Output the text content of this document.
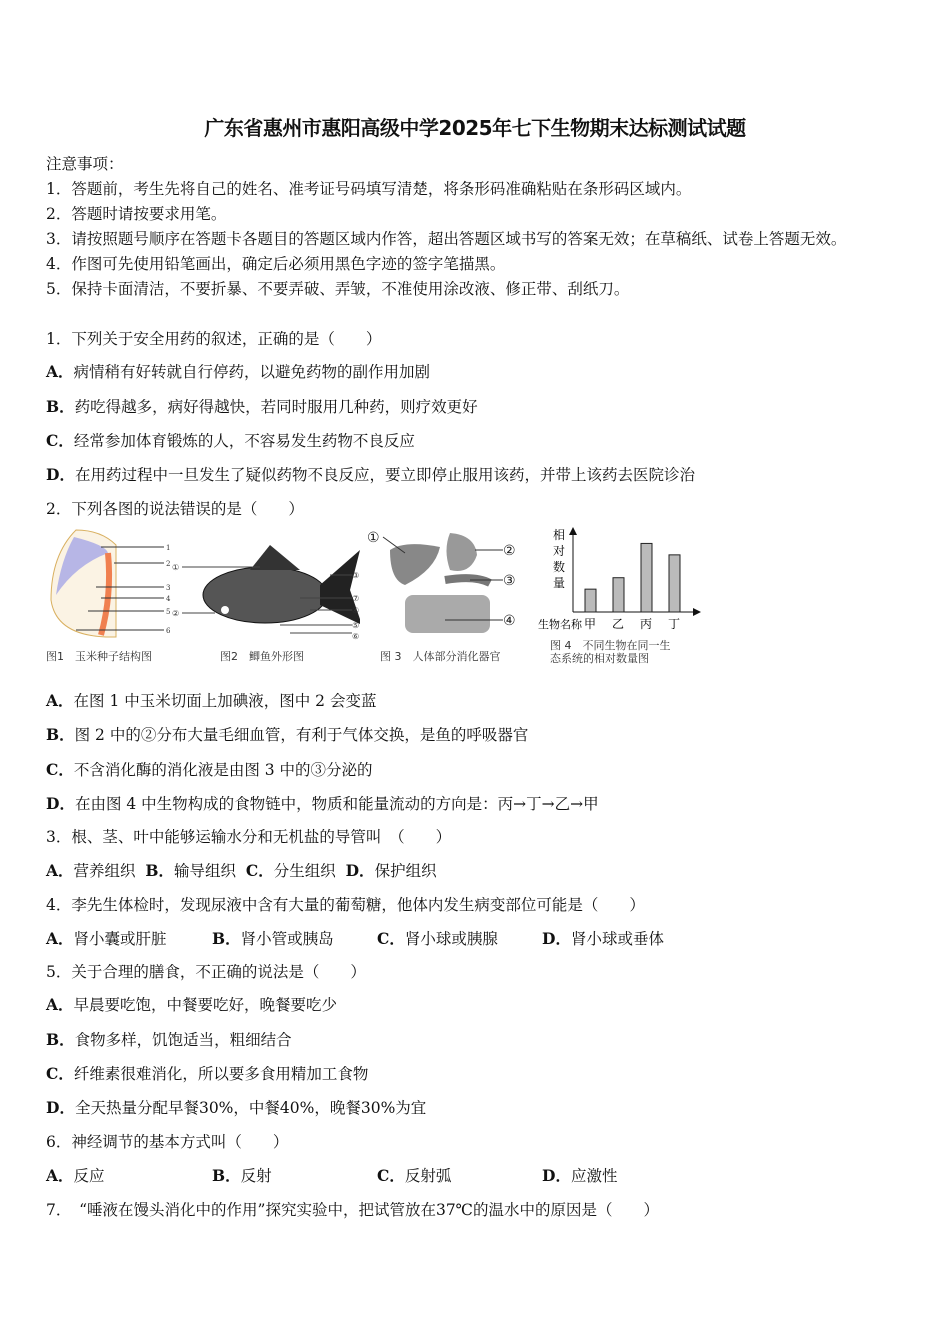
广东省惠州市惠阳高级中学2025年七下生物期末达标测试试题
注意事项：
1．答题前，考生先将自己的姓名、准考证号码填写清楚，将条形码准确粘贴在条形码区域内。
2．答题时请按要求用笔。
3．请按照题号顺序在答题卡各题目的答题区域内作答，超出答题区域书写的答案无效；在草稿纸、试卷上答题无效。
4．作图可先使用铅笔画出，确定后必须用黑色字迹的签字笔描黑。
5．保持卡面清洁，不要折暴、不要弄破、弄皱，不准使用涂改液、修正带、刮纸刀。
1．下列关于安全用药的叙述，正确的是（　　）
A．病情稍有好转就自行停药，以避免药物的副作用加剧
B．药吃得越多，病好得越快，若同时服用几种药，则疗效更好
C．经常参加体育锻炼的人，不容易发生药物不良反应
D．在用药过程中一旦发生了疑似药物不良反应，要立即停止服用该药，并带上该药去医院诊治
2．下列各图的说法错误的是（　　）
1
2
3
4
5
6
图1　玉米种子结构图
①
②
③
④
⑤
⑥
⑦
图2　鲫鱼外形图
①
②
③
④
图 3　人体部分消化器官
相
对
数
量
生物名称 甲 乙 丙 丁
图 4　不同生物在同一生
态系统的相对数量图
A．在图 1 中玉米切面上加碘液，图中 2 会变蓝
B．图 2 中的②分布大量毛细血管，有利于气体交换，是鱼的呼吸器官
C．不含消化酶的消化液是由图 3 中的③分泌的
D．在由图 4 中生物构成的食物链中，物质和能量流动的方向是：丙→丁→乙→甲
3．根、茎、叶中能够运输水分和无机盐的导管叫　（　　）
A．营养组织 B．输导组织 C．分生组织 D．保护组织
4．李先生体检时，发现尿液中含有大量的葡萄糖，他体内发生病变部位可能是（　　）
A．肾小囊或肝脏	B．肾小管或胰岛	C．肾小球或胰腺	D．肾小球或垂体
5．关于合理的膳食，不正确的说法是（　　）
A．早晨要吃饱，中餐要吃好，晚餐要吃少
B．食物多样，饥饱适当，粗细结合
C．纤维素很难消化，所以要多食用精加工食物
D．全天热量分配早餐30%，中餐40%，晚餐30%为宜
6．神经调节的基本方式叫（　　）
A．反应	B．反射	C．反射弧	D．应激性
7．　“唾液在馒头消化中的作用”探究实验中，把试管放在37℃的温水中的原因是（　　）
